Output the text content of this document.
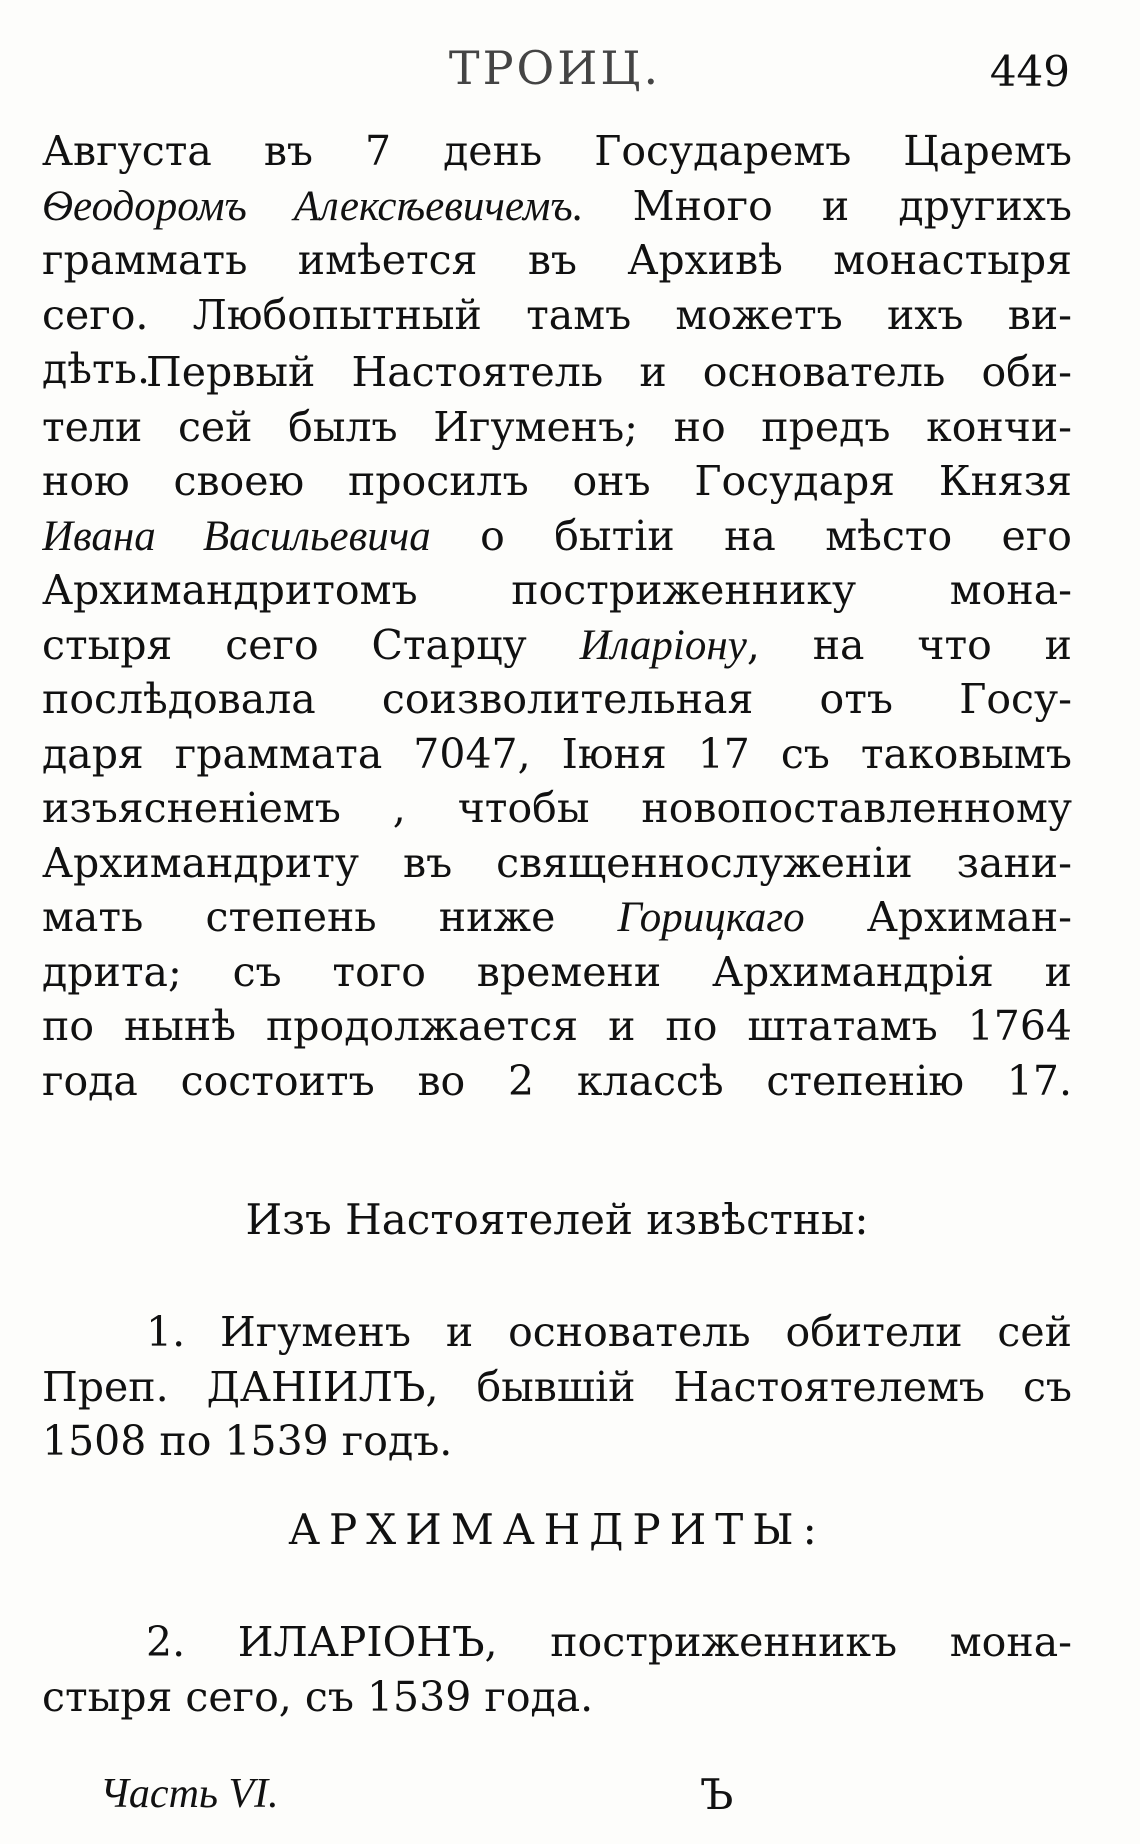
ТРОИЦ.	449
Августа въ 7 день Государемъ Царемъ
Ѳеодоромъ Алексѣевичемъ. Много и другихъ
граммать имѣется въ Архивѣ монастыря
сего. Любопытный тамъ можетъ ихъ ви-
дѣть.
Первый Настоятель и основатель оби-
тели сей былъ Игуменъ; но предъ кончи-
ною своею просилъ онъ Государя Князя
Ивана Васильевича о бытіи на мѣсто его
Архимандритомъ постриженнику мона-
стыря сего Старцу Иларіону, на что и
послѣдовала соизволительная отъ Госу-
даря граммата 7047, Іюня 17 съ таковымъ
изъясненіемъ , чтобы новопоставленному
Архимандриту въ священнослуженіи зани-
мать степень ниже Горицкаго Архиман-
дрита; съ того времени Архимандрія и
по нынѣ продолжается и по штатамъ 1764
года состоитъ во 2 классѣ степенію 17.
Изъ Настоятелей извѣстны:
1. Игуменъ и основатель обители сей
Преп. ДАНІИЛЪ, бывшій Настоятелемъ съ
1508 по 1539 годъ.
АРХИМАНДРИТЫ:
2. ИЛАРІОНЪ, постриженникъ мона-
стыря сего, съ 1539 года.
Часть VI.	Ъ
